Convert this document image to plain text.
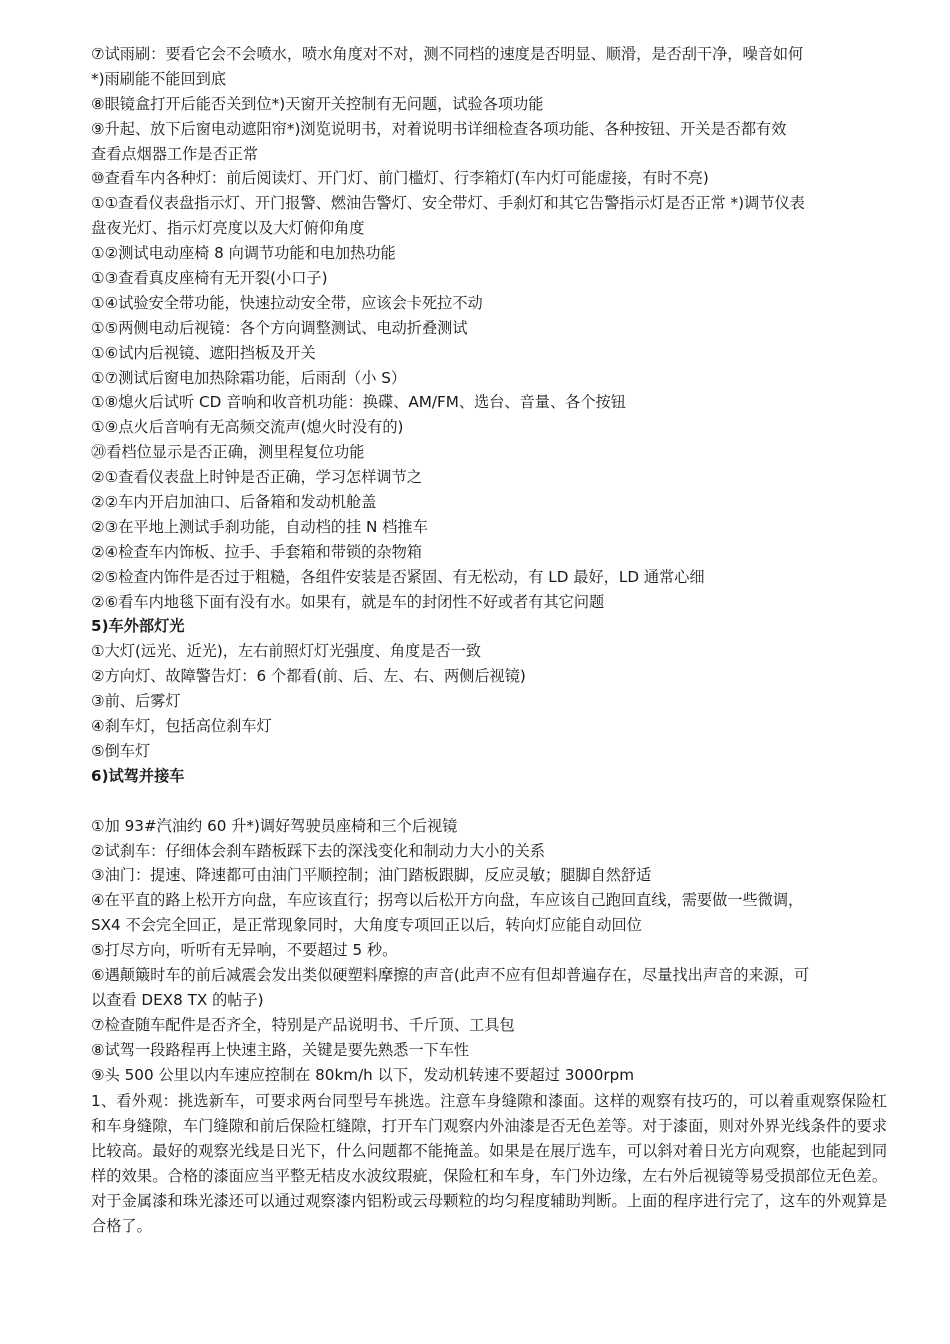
⑦试雨刷：要看它会不会喷水，喷水角度对不对，测不同档的速度是否明显、顺滑，是否刮干净，噪音如何
*)雨刷能不能回到底
⑧眼镜盒打开后能否关到位*)天窗开关控制有无问题，试验各项功能
⑨升起、放下后窗电动遮阳帘*)浏览说明书，对着说明书详细检查各项功能、各种按钮、开关是否都有效
查看点烟器工作是否正常
⑩查看车内各种灯：前后阅读灯、开门灯、前门槛灯、行李箱灯(车内灯可能虚接，有时不亮)
①①查看仪表盘指示灯、开门报警、燃油告警灯、安全带灯、手刹灯和其它告警指示灯是否正常 *)调节仪表
盘夜光灯、指示灯亮度以及大灯俯仰角度
①②测试电动座椅 8 向调节功能和电加热功能
①③查看真皮座椅有无开裂(小口子)
①④试验安全带功能，快速拉动安全带，应该会卡死拉不动
①⑤两侧电动后视镜：各个方向调整测试、电动折叠测试
①⑥试内后视镜、遮阳挡板及开关
①⑦测试后窗电加热除霜功能，后雨刮（小 S）
①⑧熄火后试听 CD 音响和收音机功能：换碟、AM/FM、选台、音量、各个按钮
①⑨点火后音响有无高频交流声(熄火时没有的)
⑳看档位显示是否正确，测里程复位功能
②①查看仪表盘上时钟是否正确，学习怎样调节之
②②车内开启加油口、后备箱和发动机舱盖
②③在平地上测试手刹功能，自动档的挂 N 档推车
②④检查车内饰板、拉手、手套箱和带锁的杂物箱
②⑤检查内饰件是否过于粗糙，各组件安装是否紧固、有无松动，有 LD 最好，LD 通常心细
②⑥看车内地毯下面有没有水。如果有，就是车的封闭性不好或者有其它问题
5)车外部灯光
①大灯(远光、近光)，左右前照灯灯光强度、角度是否一致
②方向灯、故障警告灯：6 个都看(前、后、左、右、两侧后视镜)
③前、后雾灯
④刹车灯，包括高位刹车灯
⑤倒车灯
6)试驾并接车
①加 93#汽油约 60 升*)调好驾驶员座椅和三个后视镜
②试刹车：仔细体会刹车踏板踩下去的深浅变化和制动力大小的关系
③油门：提速、降速都可由油门平顺控制；油门踏板跟脚，反应灵敏；腿脚自然舒适
④在平直的路上松开方向盘，车应该直行；拐弯以后松开方向盘，车应该自己跑回直线，需要做一些微调，
SX4 不会完全回正，是正常现象同时，大角度专项回正以后，转向灯应能自动回位
⑤打尽方向，听听有无异响，不要超过 5 秒。
⑥遇颠簸时车的前后减震会发出类似硬塑料摩擦的声音(此声不应有但却普遍存在，尽量找出声音的来源，可
以查看 DEX8 TX 的帖子)
⑦检查随车配件是否齐全，特别是产品说明书、千斤顶、工具包
⑧试驾一段路程再上快速主路，关键是要先熟悉一下车性
⑨头 500 公里以内车速应控制在 80km/h 以下，发动机转速不要超过 3000rpm
1、看外观：挑选新车，可要求两台同型号车挑选。注意车身缝隙和漆面。这样的观察有技巧的，可以着重观察保险杠和车身缝隙，车门缝隙和前后保险杠缝隙，打开车门观察内外油漆是否无色差等。对于漆面，则对外界光线条件的要求比较高。最好的观察光线是日光下，什么问题都不能掩盖。如果是在展厅选车，可以斜对着日光方向观察，也能起到同样的效果。合格的漆面应当平整无桔皮水波纹瑕疵，保险杠和车身，车门外边缘，左右外后视镜等易受损部位无色差。对于金属漆和珠光漆还可以通过观察漆内铝粉或云母颗粒的均匀程度辅助判断。上面的程序进行完了，这车的外观算是合格了。
